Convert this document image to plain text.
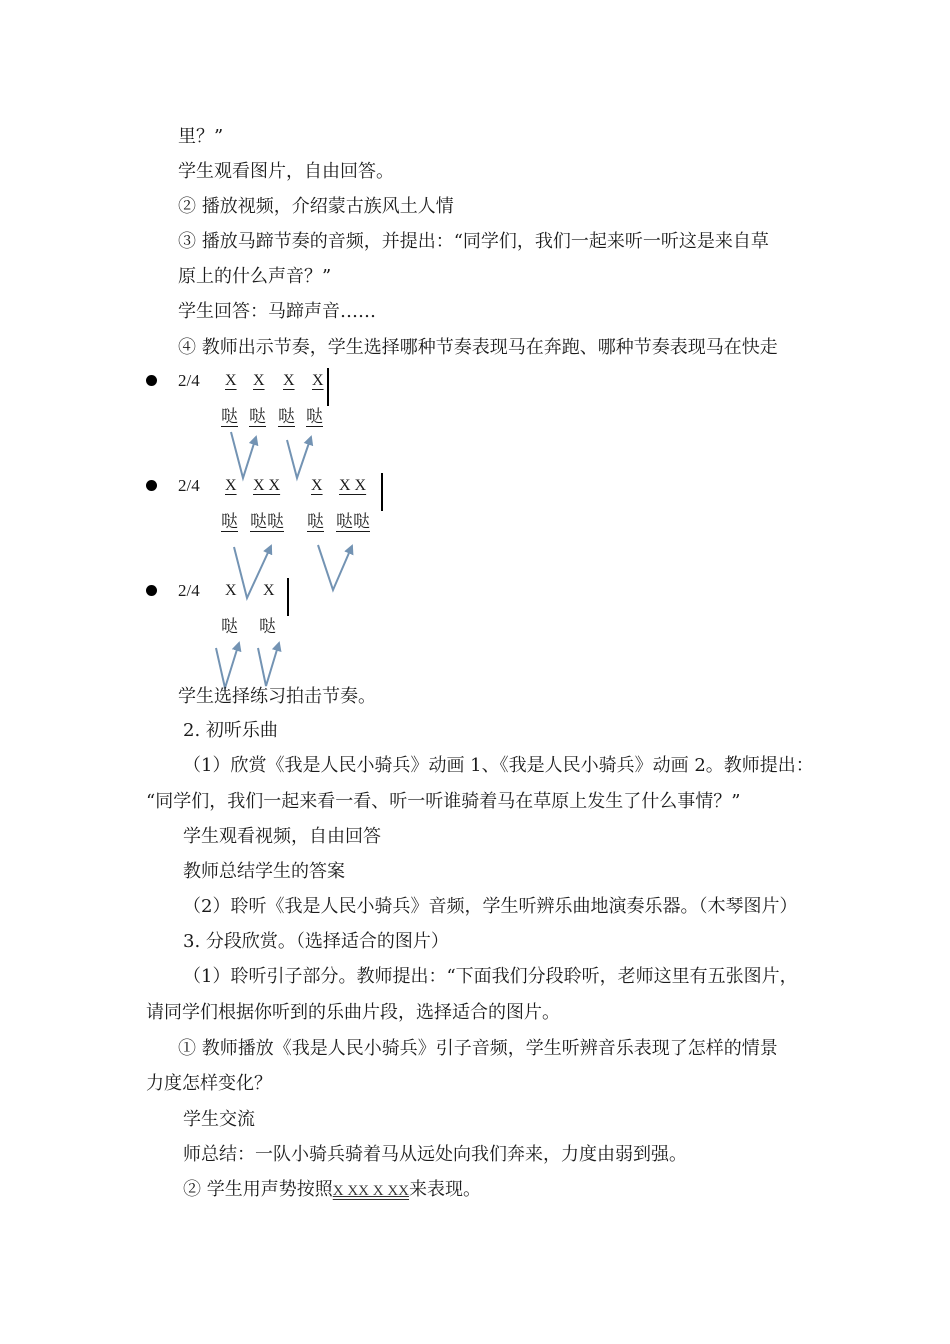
里？”
学生观看图片，自由回答。
② 播放视频，介绍蒙古族风土人情
③ 播放马蹄节奏的音频，并提出：“同学们，我们一起来听一听这是来自草
原上的什么声音？”
学生回答：马蹄声音……
④ 教师出示节奏，学生选择哪种节奏表现马在奔跑、哪种节奏表现马在快走
2/4 X X X X
哒 哒 哒 哒
2/4 X X X X X X
哒 哒哒 哒 哒哒
2/4 X X
哒 哒
学生选择练习拍击节奏。
2. 初听乐曲
（1）欣赏《我是人民小骑兵》动画 1、《我是人民小骑兵》动画 2。教师提出：
“同学们，我们一起来看一看、听一听谁骑着马在草原上发生了什么事情？”
学生观看视频，自由回答
教师总结学生的答案
（2）聆听《我是人民小骑兵》音频，学生听辨乐曲地演奏乐器。（木琴图片）
3. 分段欣赏。（选择适合的图片）
（1）聆听引子部分。教师提出：“下面我们分段聆听，老师这里有五张图片，
请同学们根据你听到的乐曲片段，选择适合的图片。
① 教师播放《我是人民小骑兵》引子音频，学生听辨音乐表现了怎样的情景
力度怎样变化？
学生交流
师总结：一队小骑兵骑着马从远处向我们奔来，力度由弱到强。
② 学生用声势按照X XX X XX来表现。
